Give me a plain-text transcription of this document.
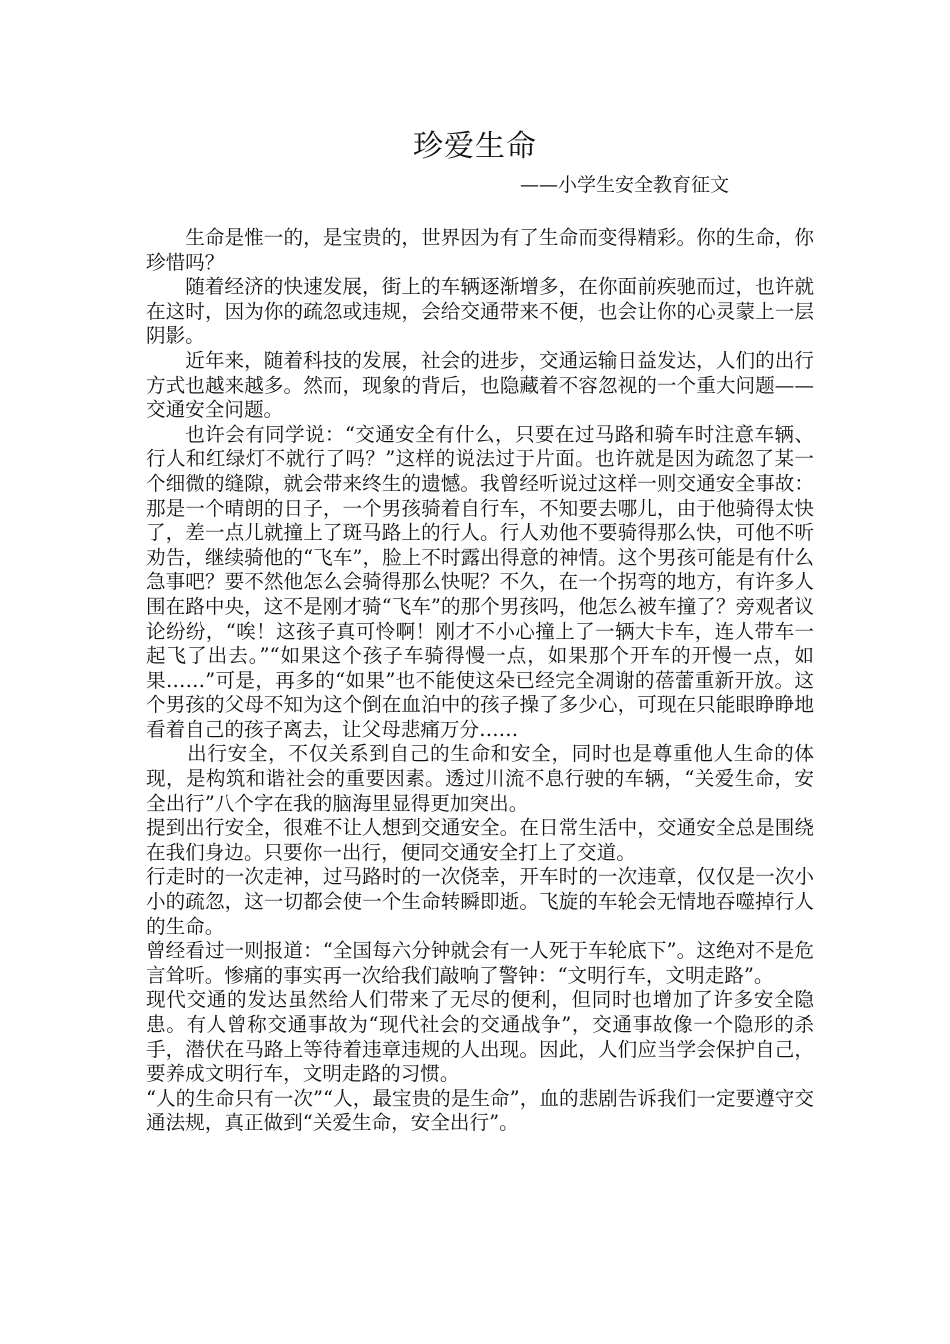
珍爱生命
——小学生安全教育征文

生命是惟一的，是宝贵的，世界因为有了生命而变得精彩。你的生命，你珍惜吗？

随着经济的快速发展，街上的车辆逐渐增多，在你面前疾驰而过，也许就在这时，因为你的疏忽或违规，会给交通带来不便，也会让你的心灵蒙上一层阴影。

近年来，随着科技的发展，社会的进步，交通运输日益发达，人们的出行方式也越来越多。然而，现象的背后，也隐藏着不容忽视的一个重大问题——交通安全问题。

也许会有同学说：“交通安全有什么，只要在过马路和骑车时注意车辆、行人和红绿灯不就行了吗？”这样的说法过于片面。也许就是因为疏忽了某一个细微的缝隙，就会带来终生的遗憾。我曾经听说过这样一则交通安全事故：那是一个晴朗的日子，一个男孩骑着自行车，不知要去哪儿，由于他骑得太快了，差一点儿就撞上了斑马路上的行人。行人劝他不要骑得那么快，可他不听劝告，继续骑他的“飞车”，脸上不时露出得意的神情。这个男孩可能是有什么急事吧？要不然他怎么会骑得那么快呢？不久，在一个拐弯的地方，有许多人围在路中央，这不是刚才骑“飞车”的那个男孩吗，他怎么被车撞了？旁观者议论纷纷，“唉！这孩子真可怜啊！刚才不小心撞上了一辆大卡车，连人带车一起飞了出去。”“如果这个孩子车骑得慢一点，如果那个开车的开慢一点，如果……”可是，再多的“如果”也不能使这朵已经完全凋谢的蓓蕾重新开放。这个男孩的父母不知为这个倒在血泊中的孩子操了多少心，可现在只能眼睁睁地看着自己的孩子离去，让父母悲痛万分……

出行安全，不仅关系到自己的生命和安全，同时也是尊重他人生命的体现，是构筑和谐社会的重要因素。透过川流不息行驶的车辆，“关爱生命，安全出行”八个字在我的脑海里显得更加突出。

提到出行安全，很难不让人想到交通安全。在日常生活中，交通安全总是围绕在我们身边。只要你一出行，便同交通安全打上了交道。

行走时的一次走神，过马路时的一次侥幸，开车时的一次违章，仅仅是一次小小的疏忽，这一切都会使一个生命转瞬即逝。飞旋的车轮会无情地吞噬掉行人的生命。

曾经看过一则报道：“全国每六分钟就会有一人死于车轮底下”。这绝对不是危言耸听。惨痛的事实再一次给我们敲响了警钟：“文明行车，文明走路”。

现代交通的发达虽然给人们带来了无尽的便利，但同时也增加了许多安全隐患。有人曾称交通事故为“现代社会的交通战争”，交通事故像一个隐形的杀手，潜伏在马路上等待着违章违规的人出现。因此，人们应当学会保护自己，要养成文明行车，文明走路的习惯。

“人的生命只有一次”“人，最宝贵的是生命”，血的悲剧告诉我们一定要遵守交通法规，真正做到“关爱生命，安全出行”。
